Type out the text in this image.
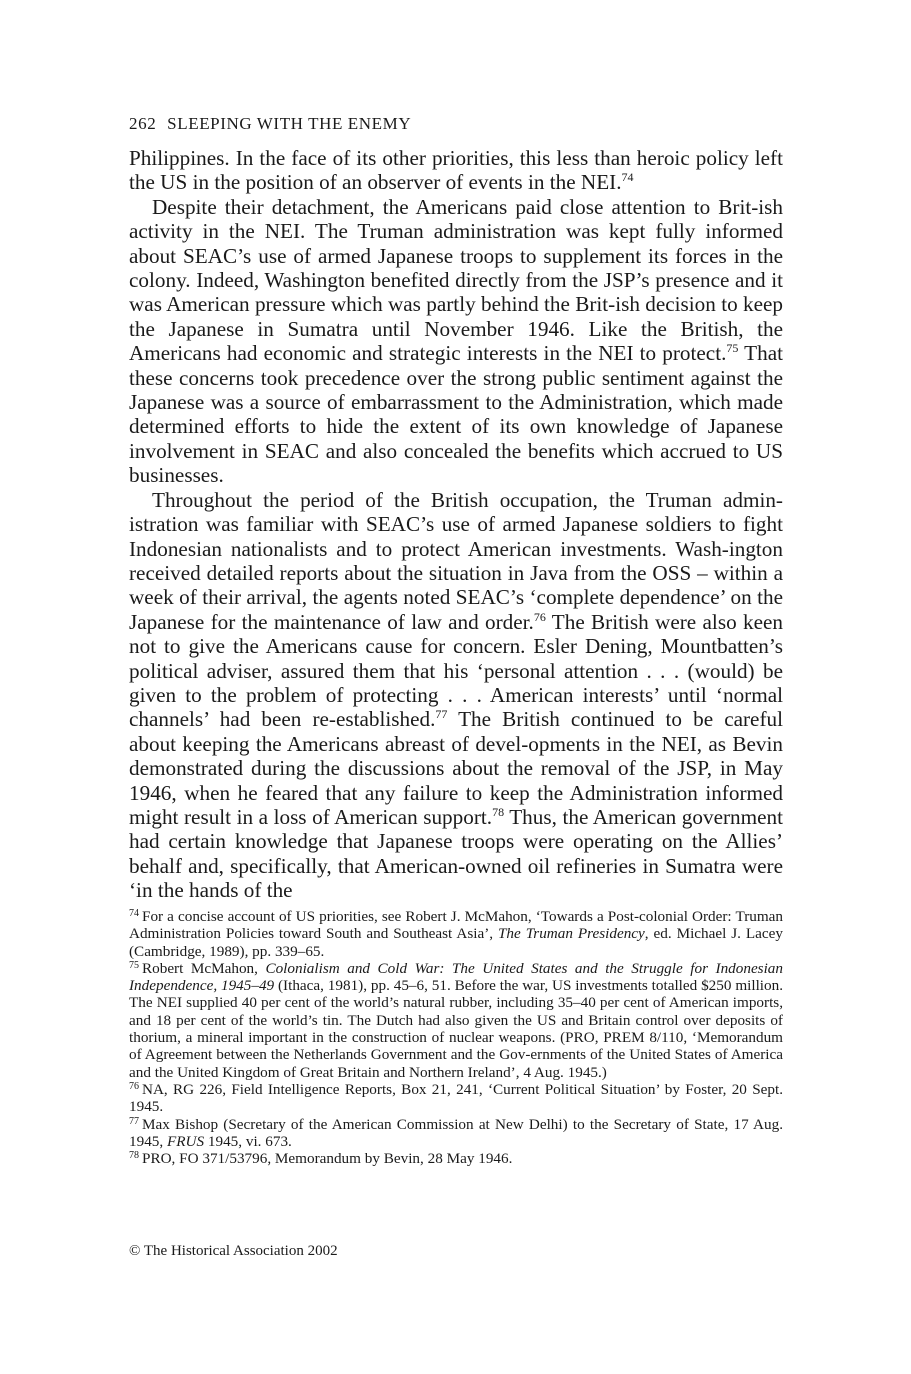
262 SLEEPING WITH THE ENEMY

Philippines. In the face of its other priorities, this less than heroic policy left the US in the position of an observer of events in the NEI.$^{74}$

Despite their detachment, the Americans paid close attention to Brit-ish activity in the NEI. The Truman administration was kept fully informed about SEAC’s use of armed Japanese troops to supplement its forces in the colony. Indeed, Washington benefited directly from the JSP’s presence and it was American pressure which was partly behind the Brit-ish decision to keep the Japanese in Sumatra until November 1946. Like the British, the Americans had economic and strategic interests in the NEI to protect.$^{75}$ That these concerns took precedence over the strong public sentiment against the Japanese was a source of embarrassment to the Administration, which made determined efforts to hide the extent of its own knowledge of Japanese involvement in SEAC and also concealed the benefits which accrued to US businesses.

Throughout the period of the British occupation, the Truman admin-istration was familiar with SEAC’s use of armed Japanese soldiers to fight Indonesian nationalists and to protect American investments. Wash-ington received detailed reports about the situation in Java from the OSS – within a week of their arrival, the agents noted SEAC’s ‘complete dependence’ on the Japanese for the maintenance of law and order.$^{76}$ The British were also keen not to give the Americans cause for concern. Esler Dening, Mountbatten’s political adviser, assured them that his ‘personal attention . . . (would) be given to the problem of protecting . . . American interests’ until ‘normal channels’ had been re-established.$^{77}$ The British continued to be careful about keeping the Americans abreast of devel-opments in the NEI, as Bevin demonstrated during the discussions about the removal of the JSP, in May 1946, when he feared that any failure to keep the Administration informed might result in a loss of American support.$^{78}$ Thus, the American government had certain knowledge that Japanese troops were operating on the Allies’ behalf and, specifically, that American-owned oil refineries in Sumatra were ‘in the hands of the

$^{74}$ For a concise account of US priorities, see Robert J. McMahon, ‘Towards a Post-colonial Order: Truman Administration Policies toward South and Southeast Asia’, The Truman Presidency, ed. Michael J. Lacey (Cambridge, 1989), pp. 339–65.

$^{75}$ Robert McMahon, Colonialism and Cold War: The United States and the Struggle for Indonesian Independence, 1945–49 (Ithaca, 1981), pp. 45–6, 51. Before the war, US investments totalled $250 million. The NEI supplied 40 per cent of the world’s natural rubber, including 35–40 per cent of American imports, and 18 per cent of the world’s tin. The Dutch had also given the US and Britain control over deposits of thorium, a mineral important in the construction of nuclear weapons. (PRO, PREM 8/110, ‘Memorandum of Agreement between the Netherlands Government and the Gov-ernments of the United States of America and the United Kingdom of Great Britain and Northern Ireland’, 4 Aug. 1945.)

$^{76}$ NA, RG 226, Field Intelligence Reports, Box 21, 241, ‘Current Political Situation’ by Foster, 20 Sept. 1945.

$^{77}$ Max Bishop (Secretary of the American Commission at New Delhi) to the Secretary of State, 17 Aug. 1945, FRUS 1945, vi. 673.

$^{78}$ PRO, FO 371/53796, Memorandum by Bevin, 28 May 1946.

© The Historical Association 2002
